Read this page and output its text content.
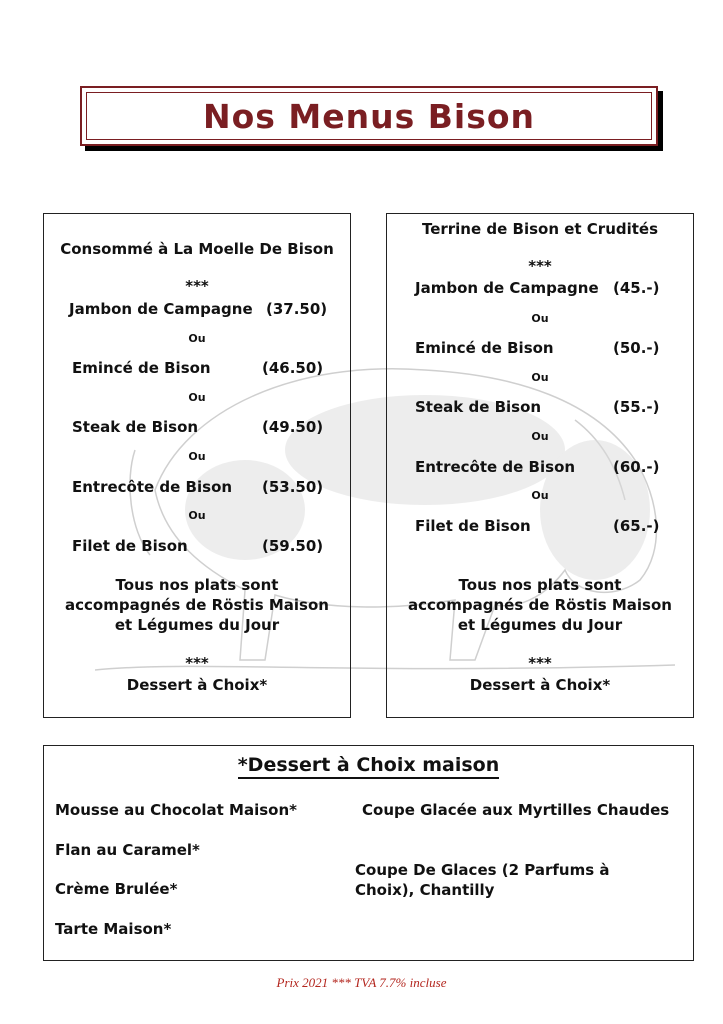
Nos Menus Bison
Consommé à La Moelle De Bison
***
Jambon de Campagne (37.50)
Ou
Emincé de Bison	(46.50)
Ou
Steak de Bison	(49.50)
Ou
Entrecôte de Bison (53.50)
Ou
Filet de Bison	(59.50)
Tous nos plats sont
accompagnés de Röstis Maison
et Légumes du Jour
***
Dessert à Choix*
Terrine de Bison et Crudités
***
Jambon de Campagne (45.-)
Ou
Emincé de Bison	(50.-)
Ou
Steak de Bison	(55.-)
Ou
Entrecôte de Bison	(60.-)
Ou
Filet de Bison	(65.-)
Tous nos plats sont
accompagnés de Röstis Maison
et Légumes du Jour
***
Dessert à Choix*
*Dessert à Choix maison
Mousse au Chocolat Maison*
Flan au Caramel*
Crème Brulée*
Tarte Maison*
Coupe Glacée aux Myrtilles Chaudes
Coupe De Glaces (2 Parfums à
Choix), Chantilly
Prix 2021 *** TVA 7.7% incluse
